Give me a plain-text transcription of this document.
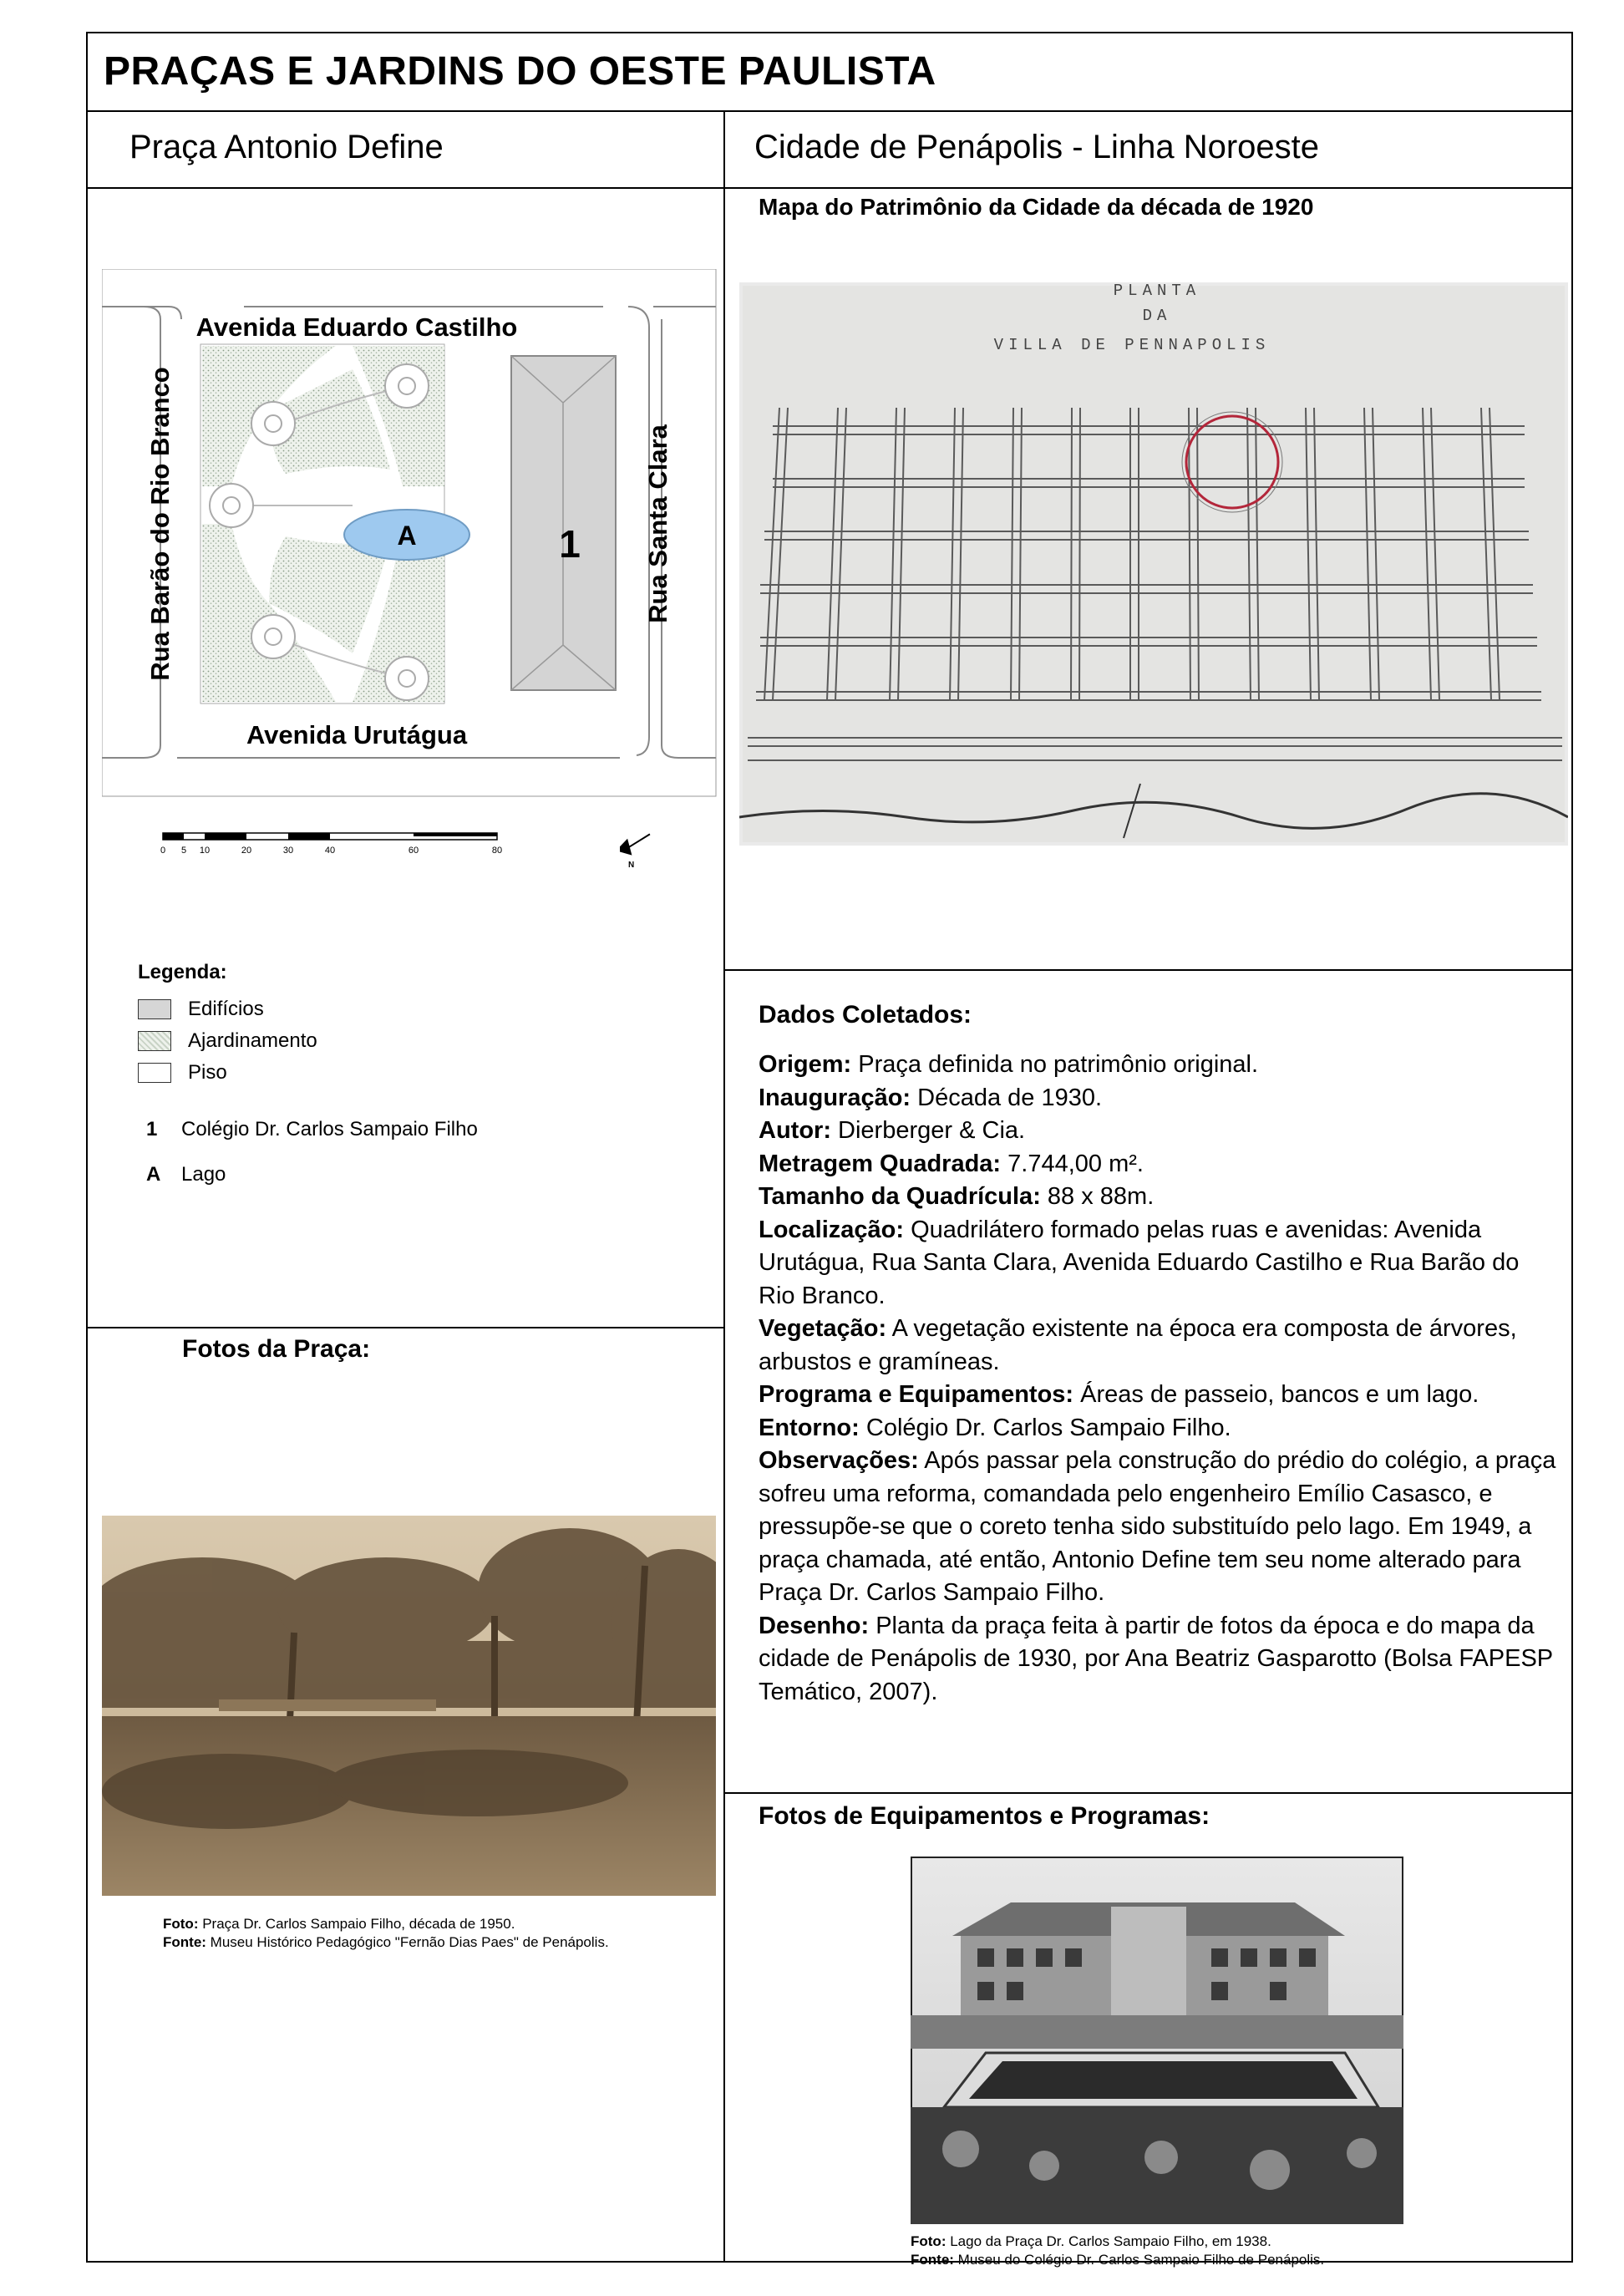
PRAÇAS E JARDINS DO OESTE PAULISTA
Praça Antonio Define	Cidade de Penápolis - Linha Noroeste
Avenida Eduardo Castilho
Avenida Urutágua
Rua Barão do Rio Branco	Rua Santa Clara
A	1
0 5 10	20	30	40	60	80
N
Legenda:
Edifícios
Ajardinamento
Piso
1	Colégio Dr. Carlos Sampaio Filho
A	Lago
Mapa do Patrimônio da Cidade da década de 1920
PLANTA
DA
VILLA DE PENNAPOLIS
Fotos da Praça:
Foto: Praça Dr. Carlos Sampaio Filho, década de 1950.
Fonte: Museu Histórico Pedagógico "Fernão Dias Paes" de Penápolis.
Dados Coletados:

Origem: Praça definida no patrimônio original.

Inauguração: Década de 1930.

Autor: Dierberger & Cia.

Metragem Quadrada: 7.744,00 m².

Tamanho da Quadrícula: 88 x 88m.

Localização: Quadrilátero formado pelas ruas e avenidas: Avenida Urutágua, Rua Santa Clara, Avenida Eduardo Castilho e Rua Barão do Rio Branco.

Vegetação: A vegetação existente na época era composta de árvores, arbustos e gramíneas.

Programa e Equipamentos: Áreas de passeio, bancos e um lago.

Entorno: Colégio Dr. Carlos Sampaio Filho.

Observações: Após passar pela construção do prédio do colégio, a praça sofreu uma reforma, comandada pelo engenheiro Emílio Casasco, e pressupõe-se que o coreto tenha sido substituído pelo lago. Em 1949, a praça chamada, até então, Antonio Define tem seu nome alterado para Praça Dr. Carlos Sampaio Filho.

Desenho: Planta da praça feita à partir de fotos da época e do mapa da cidade de Penápolis de 1930, por Ana Beatriz Gasparotto (Bolsa FAPESP Temático, 2007).

Fotos de Equipamentos e Programas:
Foto: Lago da Praça Dr. Carlos Sampaio Filho, em 1938.
Fonte: Museu do Colégio Dr. Carlos Sampaio Filho de Penápolis.
